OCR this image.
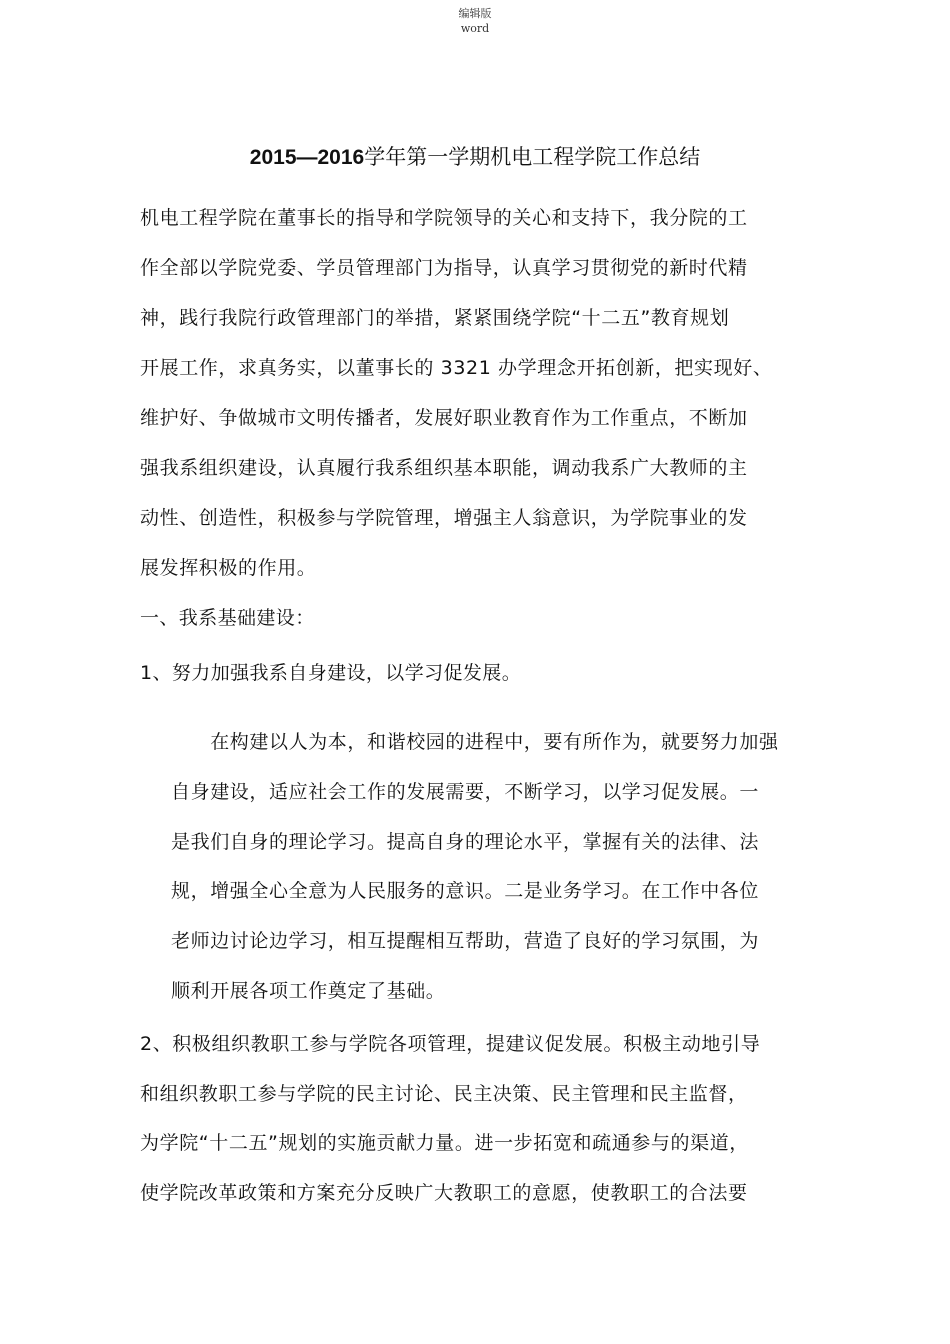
编辑版
word
2015—2016学年第一学期机电工程学院工作总结
机电工程学院在董事长的指导和学院领导的关心和支持下，我分院的工
作全部以学院党委、学员管理部门为指导，认真学习贯彻党的新时代精
神，践行我院行政管理部门的举措，紧紧围绕学院“十二五”教育规划
开展工作，求真务实，以董事长的 3321 办学理念开拓创新，把实现好、
维护好、争做城市文明传播者，发展好职业教育作为工作重点，不断加
强我系组织建设，认真履行我系组织基本职能，调动我系广大教师的主
动性、创造性，积极参与学院管理，增强主人翁意识，为学院事业的发
展发挥积极的作用。
一、我系基础建设：
1、努力加强我系自身建设，以学习促发展。
　　在构建以人为本，和谐校园的进程中，要有所作为，就要努力加强
自身建设，适应社会工作的发展需要，不断学习，以学习促发展。一
是我们自身的理论学习。提高自身的理论水平，掌握有关的法律、法
规，增强全心全意为人民服务的意识。二是业务学习。在工作中各位
老师边讨论边学习，相互提醒相互帮助，营造了良好的学习氛围，为
顺利开展各项工作奠定了基础。
2、积极组织教职工参与学院各项管理，提建议促发展。积极主动地引导
和组织教职工参与学院的民主讨论、民主决策、民主管理和民主监督，
为学院“十二五”规划的实施贡献力量。进一步拓宽和疏通参与的渠道，
使学院改革政策和方案充分反映广大教职工的意愿，使教职工的合法要
